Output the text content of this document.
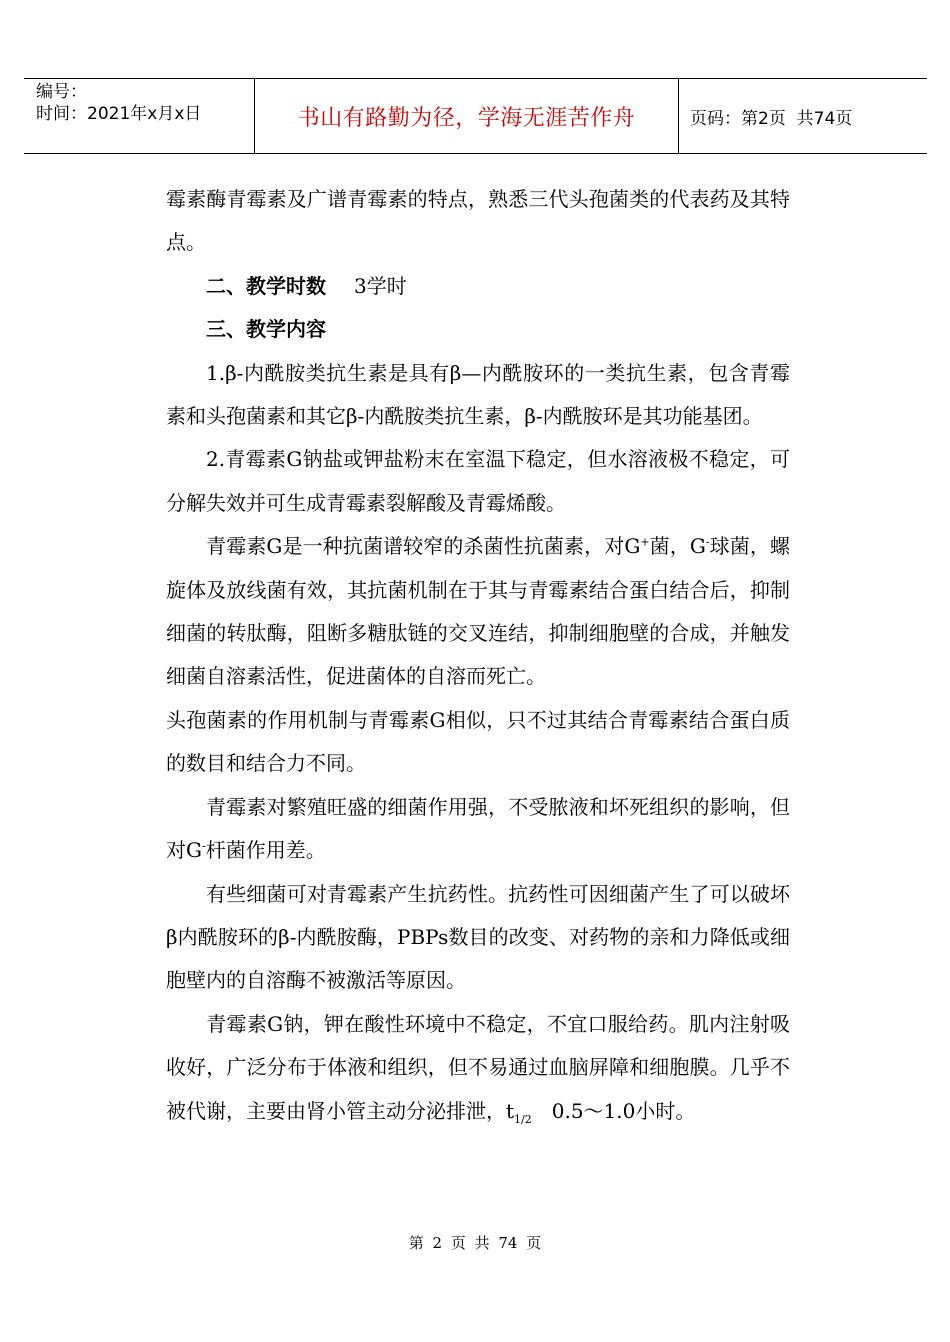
编号：
时间：2021年x月x日	书山有路勤为径，学海无涯苦作舟	页码：第2页  共74页

霉素酶青霉素及广谱青霉素的特点，熟悉三代头孢菌类的代表药及其特点。

二、教学时数 3学时

三、教学内容

1.β-内酰胺类抗生素是具有β—内酰胺环的一类抗生素，包含青霉素和头孢菌素和其它β-内酰胺类抗生素，β-内酰胺环是其功能基团。

2.青霉素G钠盐或钾盐粉末在室温下稳定，但水溶液极不稳定，可分解失效并可生成青霉素裂解酸及青霉烯酸。

青霉素G是一种抗菌谱较窄的杀菌性抗菌素，对G+菌，G-球菌，螺旋体及放线菌有效，其抗菌机制在于其与青霉素结合蛋白结合后，抑制细菌的转肽酶，阻断多糖肽链的交叉连结，抑制细胞壁的合成，并触发细菌自溶素活性，促进菌体的自溶而死亡。
头孢菌素的作用机制与青霉素G相似，只不过其结合青霉素结合蛋白质的数目和结合力不同。

青霉素对繁殖旺盛的细菌作用强，不受脓液和坏死组织的影响，但对G-杆菌作用差。

有些细菌可对青霉素产生抗药性。抗药性可因细菌产生了可以破坏β内酰胺环的β-内酰胺酶，PBPs数目的改变、对药物的亲和力降低或细胞壁内的自溶酶不被激活等原因。

青霉素G钠，钾在酸性环境中不稳定，不宜口服给药。肌内注射吸收好，广泛分布于体液和组织，但不易通过血脑屏障和细胞膜。几乎不被代谢，主要由肾小管主动分泌排泄，$t_{1/2}$　0.5～1.0小时。

第 2 页 共 74 页
